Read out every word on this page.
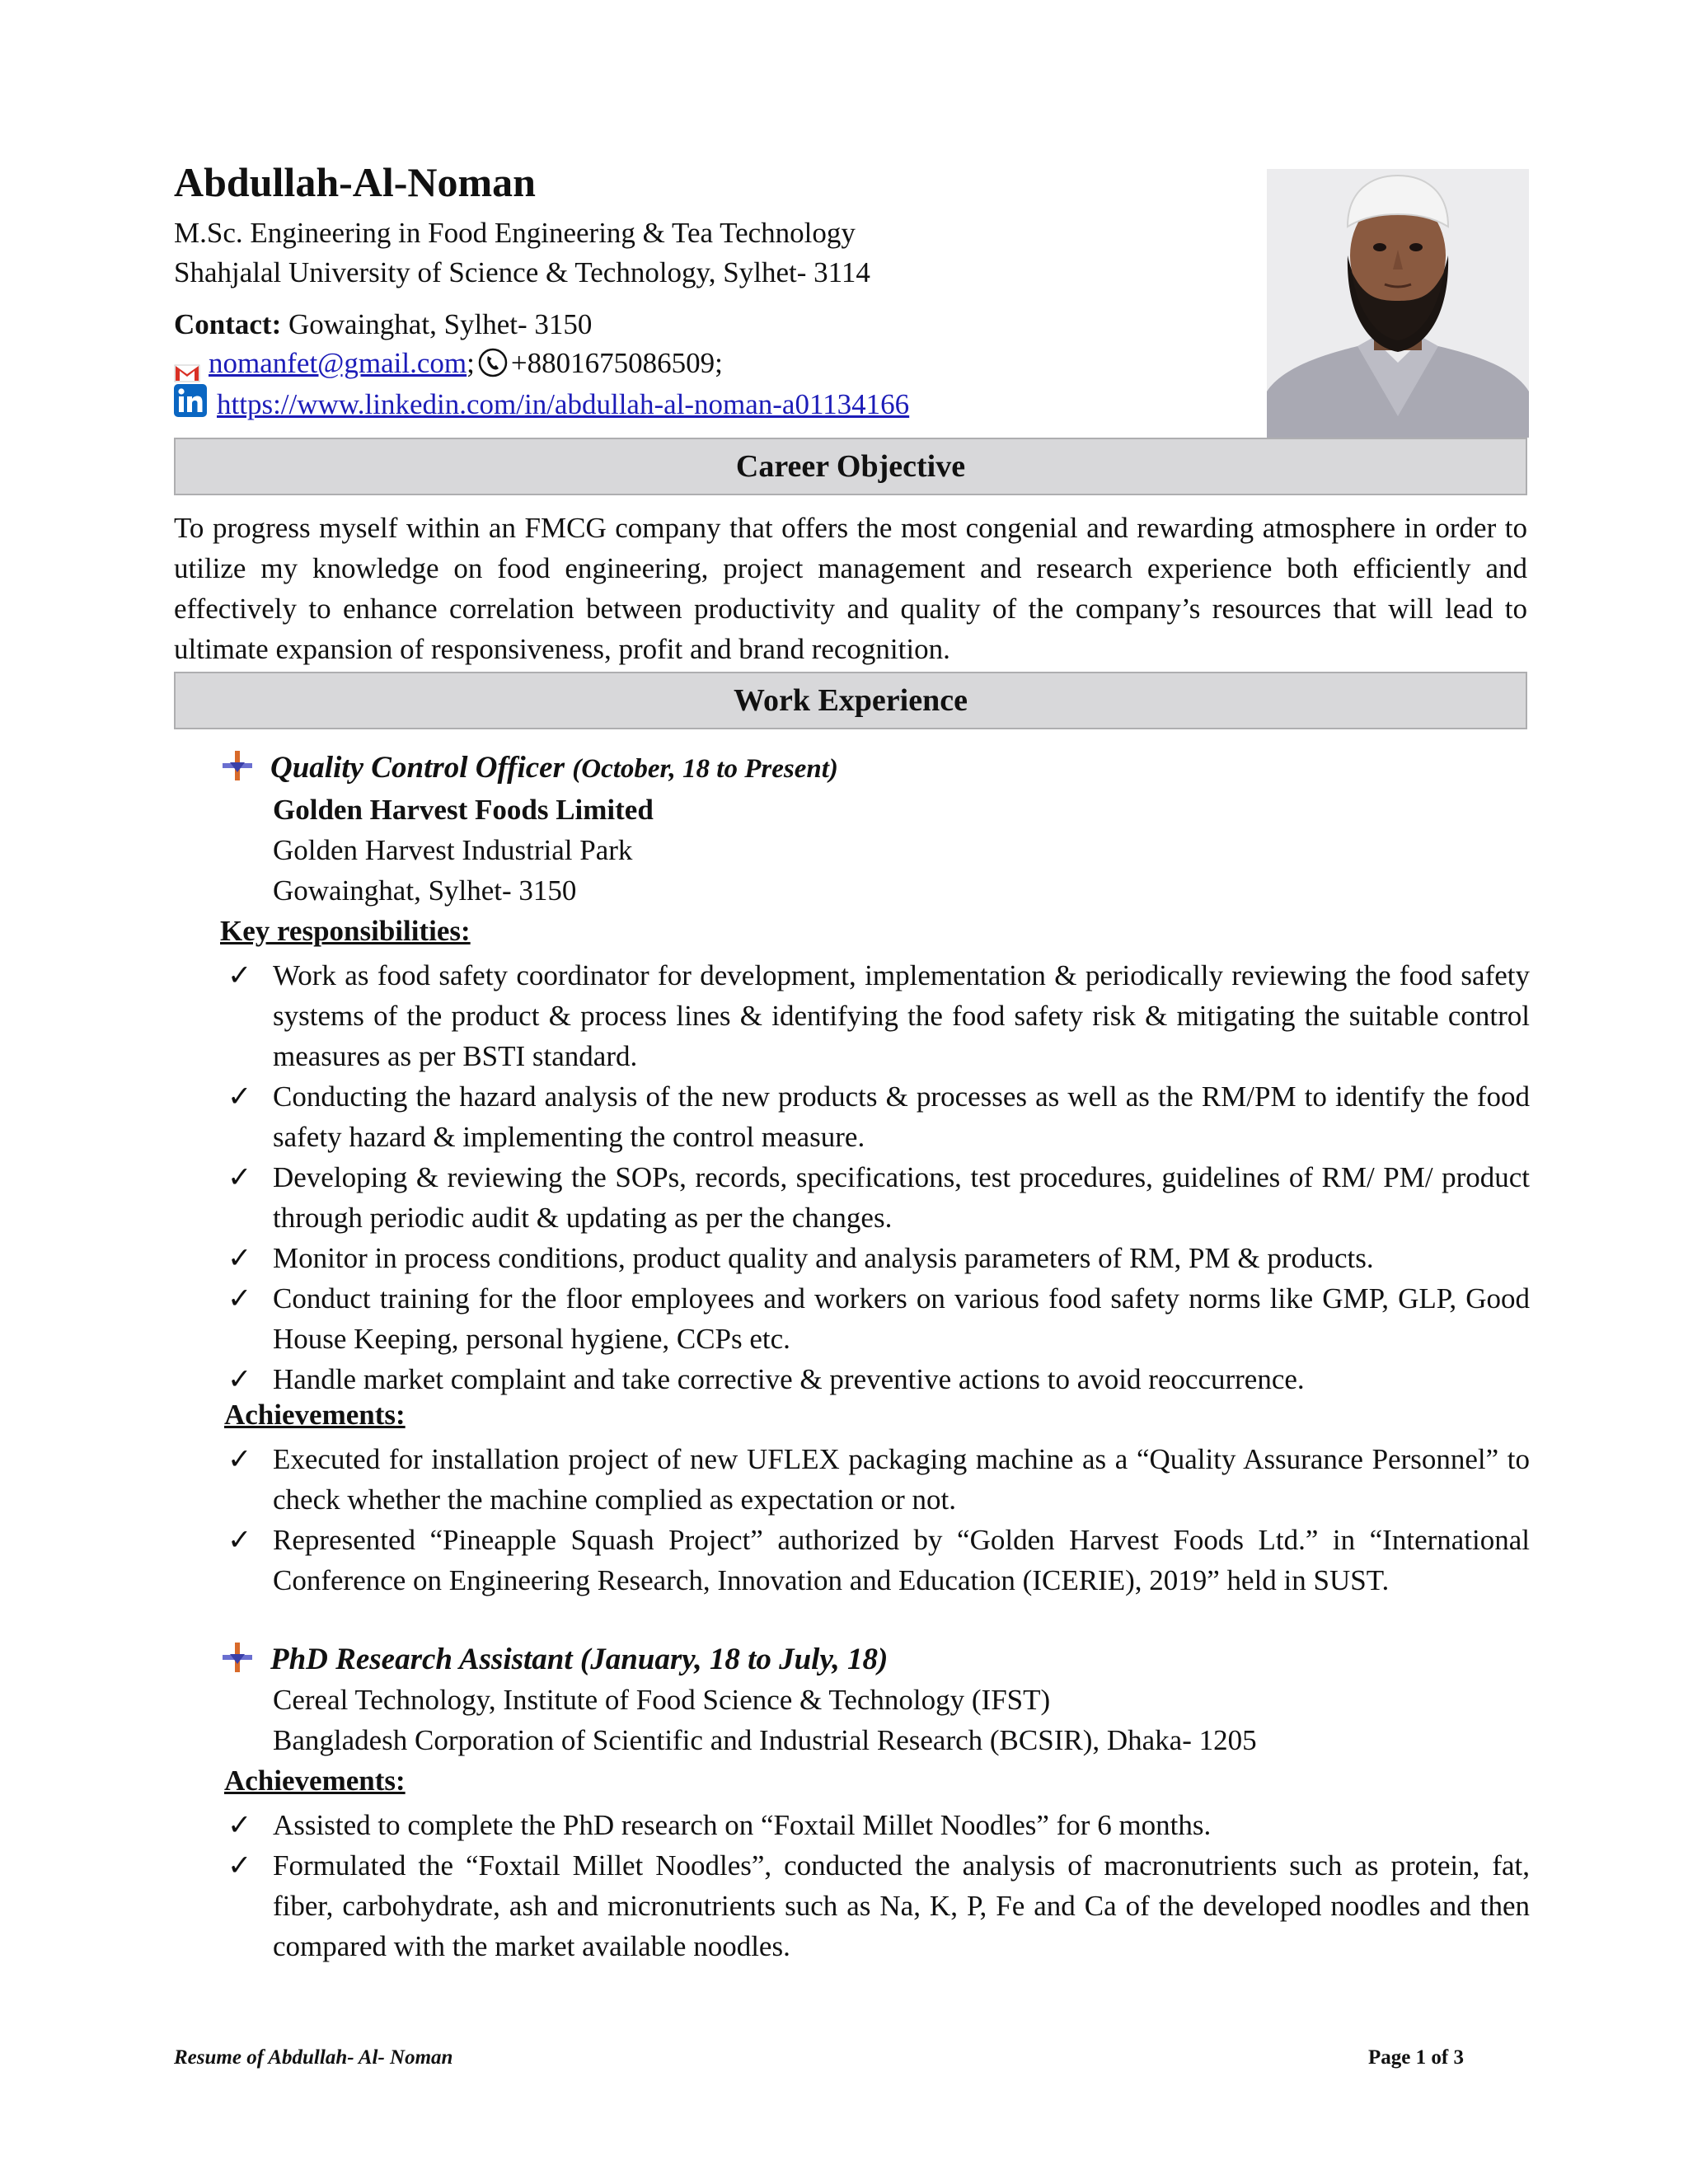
Abdullah-Al-Noman
M.Sc. Engineering in Food Engineering & Tea Technology
Shahjalal University of Science & Technology, Sylhet- 3114
Contact: Gowainghat, Sylhet- 3150
nomanfet@gmail.com; +8801675086509;
https://www.linkedin.com/in/abdullah-al-noman-a01134166
Career Objective
To progress myself within an FMCG company that offers the most congenial and rewarding atmosphere in order to utilize my knowledge on food engineering, project management and research experience both efficiently and effectively to enhance correlation between productivity and quality of the company’s resources that will lead to ultimate expansion of responsiveness, profit and brand recognition.
Work Experience
Quality Control Officer (October, 18 to Present)
Golden Harvest Foods Limited
Golden Harvest Industrial Park
Gowainghat, Sylhet- 3150
Key responsibilities:
✓ Work as food safety coordinator for development, implementation & periodically reviewing the food safety systems of the product & process lines & identifying the food safety risk & mitigating the suitable control measures as per BSTI standard.
✓ Conducting the hazard analysis of the new products & processes as well as the RM/PM to identify the food safety hazard & implementing the control measure.
✓ Developing & reviewing the SOPs, records, specifications, test procedures, guidelines of RM/ PM/ product through periodic audit & updating as per the changes.
✓ Monitor in process conditions, product quality and analysis parameters of RM, PM & products.
✓ Conduct training for the floor employees and workers on various food safety norms like GMP, GLP, Good House Keeping, personal hygiene, CCPs etc.
✓ Handle market complaint and take corrective & preventive actions to avoid reoccurrence.
Achievements:
✓ Executed for installation project of new UFLEX packaging machine as a “Quality Assurance Personnel” to check whether the machine complied as expectation or not.
✓ Represented “Pineapple Squash Project” authorized by “Golden Harvest Foods Ltd.” in “International Conference on Engineering Research, Innovation and Education (ICERIE), 2019” held in SUST.
PhD Research Assistant (January, 18 to July, 18)
Cereal Technology, Institute of Food Science & Technology (IFST)
Bangladesh Corporation of Scientific and Industrial Research (BCSIR), Dhaka- 1205
Achievements:
✓ Assisted to complete the PhD research on “Foxtail Millet Noodles” for 6 months.
✓ Formulated the “Foxtail Millet Noodles”, conducted the analysis of macronutrients such as protein, fat, fiber, carbohydrate, ash and micronutrients such as Na, K, P, Fe and Ca of the developed noodles and then compared with the market available noodles.
Resume of Abdullah- Al- Noman	Page 1 of 3
